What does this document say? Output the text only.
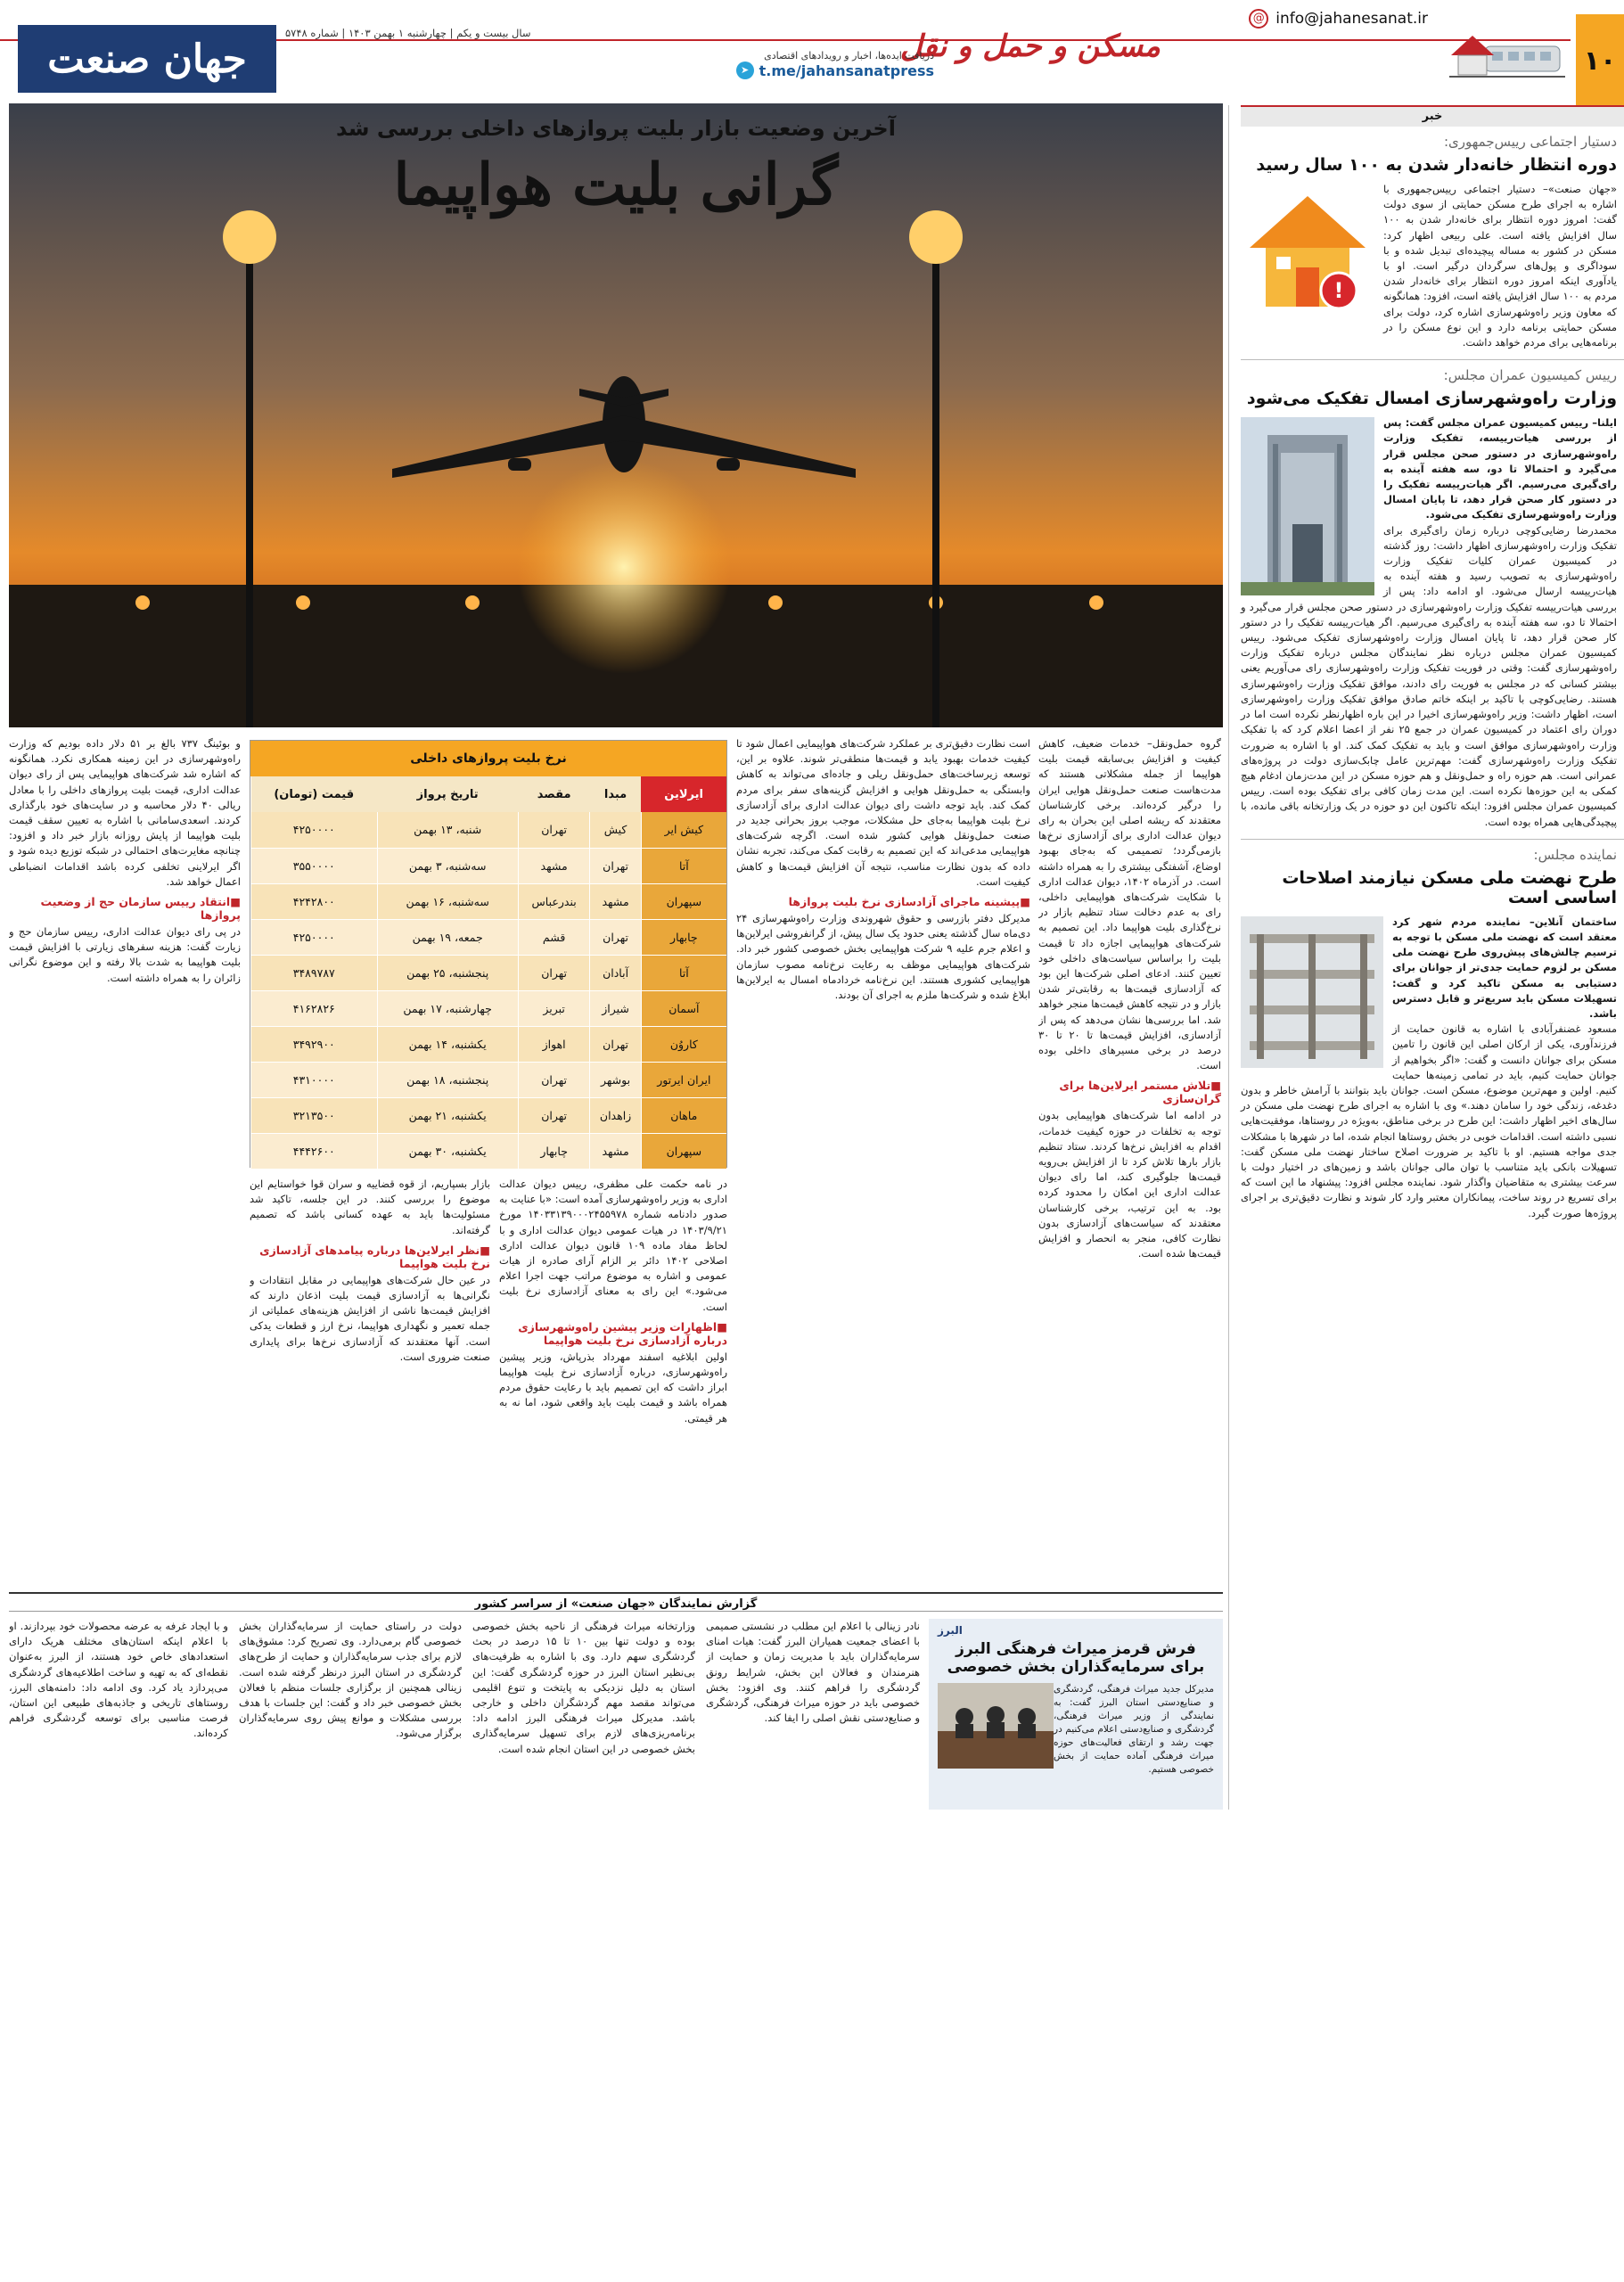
۱۰
@ info@jahanesanat.ir
مسکن و حمل و نقل
دریافت ایده‌ها، اخبار و رویدادهای اقتصادی
➤ t.me/jahansanatpress
سال بیست و یکم | چهارشنبه ۱ بهمن ۱۴۰۳ | شماره ۵۷۴۸
جهان صنعت
خبر
دستیار اجتماعی رییس‌جمهوری:
دوره انتظار خانه‌دار شدن به ۱۰۰ سال رسید
!
«جهان صنعت»– دستیار اجتماعی رییس‌جمهوری با اشاره به اجرای طرح مسکن حمایتی از سوی دولت گفت: امروز دوره انتظار برای خانه‌دار شدن به ۱۰۰ سال افزایش یافته است. علی ربیعی اظهار کرد: مسکن در کشور به مساله پیچیده‌ای تبدیل شده و با سوداگری و پول‌های سرگردان درگیر است. او با یادآوری اینکه امروز دوره انتظار برای خانه‌دار شدن مردم به ۱۰۰ سال افزایش یافته است، افزود: همانگونه که معاون وزیر راه‌وشهرسازی اشاره کرد، دولت برای مسکن حمایتی برنامه دارد و این نوع مسکن را در برنامه‌هایی برای مردم خواهد داشت.
رییس کمیسیون عمران مجلس:
وزارت راه‌وشهرسازی امسال تفکیک می‌شود
ایلنا– رییس کمیسیون عمران مجلس گفت: پس از بررسی هیات‌رییسه، تفکیک وزارت راه‌وشهرسازی در دستور صحن مجلس قرار می‌گیرد و احتمالا تا دو، سه هفته آینده به رای‌گیری می‌رسیم. اگر هیات‌رییسه تفکیک را در دستور کار صحن قرار دهد، تا پایان امسال وزارت راه‌وشهرسازی تفکیک می‌شود.
محمدرضا رضایی‌کوچی درباره زمان رای‌گیری برای تفکیک وزارت راه‌وشهرسازی اظهار داشت: روز گذشته در کمیسیون عمران کلیات تفکیک وزارت راه‌وشهرسازی به تصویب رسید و هفته آینده به هیات‌رییسه ارسال می‌شود. او ادامه داد: پس از بررسی هیات‌رییسه تفکیک وزارت راه‌وشهرسازی در دستور صحن مجلس قرار می‌گیرد و احتمالا تا دو، سه هفته آینده به رای‌گیری می‌رسیم. اگر هیات‌رییسه تفکیک را در دستور کار صحن قرار دهد، تا پایان امسال وزارت راه‌وشهرسازی تفکیک می‌شود. رییس کمیسیون عمران مجلس درباره نظر نمایندگان مجلس درباره تفکیک وزارت راه‌وشهرسازی گفت: وقتی در فوریت تفکیک وزارت راه‌وشهرسازی رای می‌آوریم یعنی بیشتر کسانی که در مجلس به فوریت رای دادند، موافق تفکیک وزارت راه‌وشهرسازی هستند. رضایی‌کوچی با تاکید بر اینکه خاتم صادق موافق تفکیک وزارت راه‌وشهرسازی است، اظهار داشت: وزیر راه‌وشهرسازی اخیرا در این باره اظهارنظر نکرده است اما در دوران رای اعتماد در کمیسیون عمران در جمع ۲۵ نفر از اعضا اعلام کرد که با تفکیک وزارت راه‌وشهرسازی موافق است و باید به تفکیک کمک کند. او با اشاره به ضرورت تفکیک وزارت راه‌وشهرسازی گفت: مهم‌ترین عامل چابک‌سازی دولت در پروژه‌های عمرانی است. هم حوزه راه و حمل‌ونقل و هم حوزه مسکن در این مدت‌زمان ادغام هیچ کمکی به این حوزه‌ها نکرده است. این مدت زمان کافی برای تفکیک بوده است. رییس کمیسیون عمران مجلس افزود: اینکه تاکنون این دو حوزه در یک وزارتخانه باقی مانده، با پیچیدگی‌هایی همراه بوده است.
نماینده مجلس:
طرح نهضت ملی مسکن نیازمند اصلاحات اساسی است
ساختمان آنلاین– نماینده مردم شهر کرد معتقد است که نهضت ملی مسکن با توجه به ترسیم چالش‌های پیش‌روی طرح نهضت ملی مسکن بر لزوم حمایت جدی‌تر از جوانان برای دستیابی به مسکن تاکید کرد و گفت: تسهیلات مسکن باید سریع‌تر و قابل دسترس باشد.
مسعود غضنفرآبادی با اشاره به قانون حمایت از فرزندآوری، یکی از ارکان اصلی این قانون را تامین مسکن برای جوانان دانست و گفت: «اگر بخواهیم از جوانان حمایت کنیم، باید در تمامی زمینه‌ها حمایت کنیم. اولین و مهم‌ترین موضوع، مسکن است. جوانان باید بتوانند با آرامش خاطر و بدون دغدغه، زندگی خود را سامان دهند.» وی با اشاره به اجرای طرح نهضت ملی مسکن در سال‌های اخیر اظهار داشت: این طرح در برخی مناطق، به‌ویژه در روستاها، موفقیت‌هایی نسبی داشته است. اقدامات خوبی در بخش روستاها انجام شده، اما در شهرها با مشکلات جدی مواجه هستیم. او با تاکید بر ضرورت اصلاح ساختار نهضت ملی مسکن گفت: تسهیلات بانکی باید متناسب با توان مالی جوانان باشد و زمین‌های در اختیار دولت با سرعت بیشتری به متقاضیان واگذار شود. نماینده مجلس افزود: پیشنهاد ما این است که برای تسریع در روند ساخت، پیمانکاران معتبر وارد کار شوند و نظارت دقیق‌تری بر اجرای پروژه‌ها صورت گیرد.
آخرین وضعیت بازار بلیت پروازهای داخلی بررسی شد
گرانی بلیت هواپیما
گروه حمل‌ونقل– خدمات ضعیف، کاهش کیفیت و افزایش بی‌سابقه قیمت بلیت هواپیما از جمله مشکلاتی هستند که مدت‌هاست صنعت حمل‌ونقل هوایی ایران را درگیر کرده‌اند. برخی کارشناسان معتقدند که ریشه اصلی این بحران به رای دیوان عدالت اداری برای آزادسازی نرخ‌ها بازمی‌گردد؛ تصمیمی که به‌جای بهبود اوضاع، آشفتگی بیشتری را به همراه داشته است. در آذرماه ۱۴۰۲، دیوان عدالت اداری با شکایت شرکت‌های هواپیمایی داخلی، رای به عدم دخالت ستاد تنظیم بازار در نرخ‌گذاری بلیت هواپیما داد. این تصمیم به شرکت‌های هواپیمایی اجازه داد تا قیمت بلیت را براساس سیاست‌های داخلی خود تعیین کنند. ادعای اصلی شرکت‌ها این بود که آزادسازی قیمت‌ها به رقابتی‌تر شدن بازار و در نتیجه کاهش قیمت‌ها منجر خواهد شد. اما بررسی‌ها نشان می‌دهد که پس از آزادسازی، افزایش قیمت‌ها تا ۲۰ تا ۳۰ درصد در برخی مسیرهای داخلی بوده است.
■ تلاش مستمر ایرلاین‌ها برای گران‌سازی
در ادامه اما شرکت‌های هواپیمایی بدون توجه به تخلفات در حوزه کیفیت خدمات، اقدام به افزایش نرخ‌ها کردند. ستاد تنظیم بازار بارها تلاش کرد تا از افزایش بی‌رویه قیمت‌ها جلوگیری کند، اما رای دیوان عدالت اداری این امکان را محدود کرده بود. به این ترتیب، برخی کارشناسان معتقدند که سیاست‌های آزادسازی بدون نظارت کافی، منجر به انحصار و افزایش قیمت‌ها شده است.
است نظارت دقیق‌تری بر عملکرد شرکت‌های هواپیمایی اعمال شود تا کیفیت خدمات بهبود یابد و قیمت‌ها منطقی‌تر شوند. علاوه بر این، توسعه زیرساخت‌های حمل‌ونقل ریلی و جاده‌ای می‌تواند به کاهش وابستگی به حمل‌ونقل هوایی و افزایش گزینه‌های سفر برای مردم کمک کند. باید توجه داشت رای دیوان عدالت اداری برای آزادسازی نرخ بلیت هواپیما به‌جای حل مشکلات، موجب بروز بحرانی جدید در صنعت حمل‌ونقل هوایی کشور شده است. اگرچه شرکت‌های هواپیمایی مدعی‌اند که این تصمیم به رقابت کمک می‌کند، تجربه نشان داده که بدون نظارت مناسب، نتیجه آن افزایش قیمت‌ها و کاهش کیفیت است.
■ پیشینه ماجرای آزادسازی نرخ بلیت پروازها
مدیرکل دفتر بازرسی و حقوق شهروندی وزارت راه‌وشهرسازی ۲۴ دی‌ماه سال گذشته یعنی حدود یک سال پیش، از گرانفروشی ایرلاین‌ها و اعلام جرم علیه ۹ شرکت هواپیمایی بخش خصوصی کشور خبر داد. شرکت‌های هواپیمایی موظف به رعایت نرخ‌نامه مصوب سازمان هواپیمایی کشوری هستند. این نرخ‌نامه خردادماه امسال به ایرلاین‌ها ابلاغ شده و شرکت‌ها ملزم به اجرای آن بودند.
نرخ بلیت پروازهای داخلی
ایرلاین	مبدا	مقصد	تاریخ پرواز	قیمت (تومان)
کیش ایر	کیش	تهران	شنبه، ۱۳ بهمن	۴۲۵۰۰۰۰
آتا	تهران	مشهد	سه‌شنبه، ۳ بهمن	۳۵۵۰۰۰۰
سپهران	مشهد	بندرعباس	سه‌شنبه، ۱۶ بهمن	۴۲۴۲۸۰۰
چابهار	تهران	قشم	جمعه، ۱۹ بهمن	۴۲۵۰۰۰۰
آتا	آبادان	تهران	پنجشنبه، ۲۵ بهمن	۳۴۸۹۷۸۷
آسمان	شیراز	تبریز	چهارشنبه، ۱۷ بهمن	۴۱۶۲۸۲۶
کاروُن	تهران	اهواز	یکشنبه، ۱۴ بهمن	۳۴۹۲۹۰۰
ایران ایرتور	بوشهر	تهران	پنجشنبه، ۱۸ بهمن	۴۳۱۰۰۰۰
ماهان	زاهدان	تهران	یکشنبه، ۲۱ بهمن	۳۲۱۳۵۰۰
سپهران	مشهد	چابهار	یکشنبه، ۳۰ بهمن	۴۴۴۲۶۰۰
در نامه حکمت علی مظفری، رییس دیوان عدالت اداری به وزیر راه‌وشهرسازی آمده است: «با عنایت به صدور دادنامه شماره ۱۴۰۳۳۱۳۹۰۰۰۲۴۵۵۹۷۸ مورخ ۱۴۰۳/۹/۲۱ در هیات عمومی دیوان عدالت اداری و با لحاظ مفاد ماده ۱۰۹ قانون دیوان عدالت اداری اصلاحی ۱۴۰۲ دائر بر الزام آرای صادره از هیات عمومی و اشاره به موضوع مراتب جهت اجرا اعلام می‌شود.» این رای به معنای آزادسازی نرخ بلیت است.
■ اظهارات وزیر پیشین راه‌وشهرسازی درباره آزادسازی نرخ بلیت هواپیما
اولین ابلاغیه اسفند مهرداد بذرپاش، وزیر پیشین راه‌وشهرسازی، درباره آزادسازی نرخ بلیت هواپیما ابراز داشت که این تصمیم باید با رعایت حقوق مردم همراه باشد و قیمت بلیت باید واقعی شود، اما نه به هر قیمتی.
بازار بسپاریم، از قوه قضاییه و سران قوا خواستایم این موضوع را بررسی کنند. در این جلسه، تاکید شد مسئولیت‌ها باید به عهده کسانی باشد که تصمیم گرفته‌اند.
■ نظر ایرلاین‌ها درباره پیامدهای آزادسازی نرخ بلیت هواپیما
در عین حال شرکت‌های هواپیمایی در مقابل انتقادات و نگرانی‌ها به آزادسازی قیمت بلیت اذعان دارند که افزایش قیمت‌ها ناشی از افزایش هزینه‌های عملیاتی از جمله تعمیر و نگهداری هواپیما، نرخ ارز و قطعات یدکی است. آنها معتقدند که آزادسازی نرخ‌ها برای پایداری صنعت ضروری است.
و بوئینگ ۷۳۷ بالغ بر ۵۱ دلار داده بودیم که وزارت راه‌وشهرسازی در این زمینه همکاری نکرد. همانگونه که اشاره شد شرکت‌های هواپیمایی پس از رای دیوان عدالت اداری، قیمت بلیت پروازهای داخلی را با معادل ریالی ۴۰ دلار محاسبه و در سایت‌های خود بارگذاری کردند. اسعدی‌سامانی با اشاره به تعیین سقف قیمت بلیت هواپیما از پایش روزانه بازار خبر داد و افزود: چنانچه مغایرت‌های احتمالی در شبکه توزیع دیده شود و اگر ایرلاینی تخلفی کرده باشد اقدامات انضباطی اعمال خواهد شد.
■ انتقاد رییس سازمان حج از وضعیت پروازها
در پی رای دیوان عدالت اداری، رییس سازمان حج و زیارت گفت: هزینه سفرهای زیارتی با افزایش قیمت بلیت هواپیما به شدت بالا رفته و این موضوع نگرانی زائران را به همراه داشته است.
گزارش نمایندگان «جهان صنعت» از سراسر کشور
البرز
فرش قرمز میراث فرهنگی البرز برای سرمایه‌گذاران بخش خصوصی
مدیرکل جدید میراث فرهنگی، گردشگری و صنایع‌دستی استان البرز گفت: به نمایندگی از وزیر میراث فرهنگی، گردشگری و صنایع‌دستی اعلام می‌کنیم در جهت رشد و ارتقای فعالیت‌های حوزه میراث فرهنگی آماده حمایت از بخش خصوصی هستیم.
نادر زینالی با اعلام این مطلب در نشستی صمیمی با اعضای جمعیت همیاران البرز گفت: هیات امنای سرمایه‌گذاران باید با مدیریت زمان و حمایت از هنرمندان و فعالان این بخش، شرایط رونق گردشگری را فراهم کنند. وی افزود: بخش خصوصی باید در حوزه میراث فرهنگی، گردشگری و صنایع‌دستی نقش اصلی را ایفا کند.
وزارتخانه میراث فرهنگی از ناحیه بخش خصوصی بوده و دولت تنها بین ۱۰ تا ۱۵ درصد در بحث گردشگری سهم دارد. وی با اشاره به ظرفیت‌های بی‌نظیر استان البرز در حوزه گردشگری گفت: این استان به دلیل نزدیکی به پایتخت و تنوع اقلیمی می‌تواند مقصد مهم گردشگران داخلی و خارجی باشد. مدیرکل میراث فرهنگی البرز ادامه داد: برنامه‌ریزی‌های لازم برای تسهیل سرمایه‌گذاری بخش خصوصی در این استان انجام شده است.
دولت در راستای حمایت از سرمایه‌گذاران بخش خصوصی گام برمی‌دارد. وی تصریح کرد: مشوق‌های لازم برای جذب سرمایه‌گذاران و حمایت از طرح‌های گردشگری در استان البرز درنظر گرفته شده است. زینالی همچنین از برگزاری جلسات منظم با فعالان بخش خصوصی خبر داد و گفت: این جلسات با هدف بررسی مشکلات و موانع پیش روی سرمایه‌گذاران برگزار می‌شود.
و با ایجاد غرفه به عرضه محصولات خود بپردازند. او با اعلام اینکه استان‌های مختلف هریک دارای استعدادهای خاص خود هستند، از البرز به‌عنوان نقطه‌ای که به تهیه و ساخت اطلاعیه‌های گردشگری می‌پردازد یاد کرد. وی ادامه داد: دامنه‌های البرز، روستاهای تاریخی و جاذبه‌های طبیعی این استان، فرصت مناسبی برای توسعه گردشگری فراهم کرده‌اند.
